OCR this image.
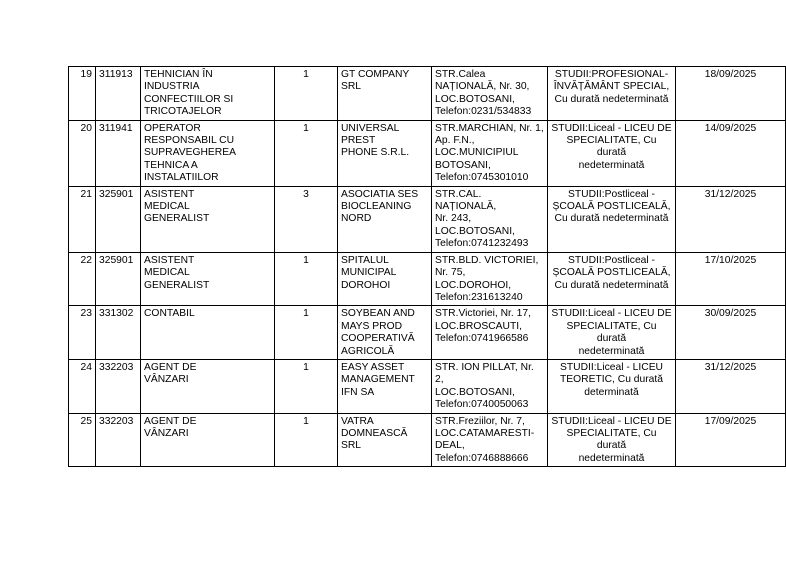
19	311913	TEHNICIAN ÎN
INDUSTRIA
CONFECTIILOR SI
TRICOTAJELOR	1	GT COMPANY SRL	STR.Calea
NAȚIONALĂ, Nr. 30,
LOC.BOTOSANI,
Telefon:0231/534833	STUDII:PROFESIONAL-
ÎNVĂȚĂMÂNT SPECIAL,
Cu durată nedeterminată	18/09/2025
20	311941	OPERATOR
RESPONSABIL CU
SUPRAVEGHEREA
TEHNICA A
INSTALATIILOR	1	UNIVERSAL PREST
PHONE S.R.L.	STR.MARCHIAN, Nr. 1,
Ap. F.N.,
LOC.MUNICIPIUL
BOTOSANI,
Telefon:0745301010	STUDII:Liceal - LICEU DE
SPECIALITATE, Cu durată
nedeterminată	14/09/2025
21	325901	ASISTENT
MEDICAL
GENERALIST	3	ASOCIATIA SES
BIOCLEANING
NORD	STR.CAL. NAȚIONALĂ,
Nr. 243,
LOC.BOTOSANI,
Telefon:0741232493	STUDII:Postliceal -
ȘCOALĂ POSTLICEALĂ,
Cu durată nedeterminată	31/12/2025
22	325901	ASISTENT
MEDICAL
GENERALIST	1	SPITALUL
MUNICIPAL
DOROHOI	STR.BLD. VICTORIEI,
Nr. 75, LOC.DOROHOI,
Telefon:231613240	STUDII:Postliceal -
ȘCOALĂ POSTLICEALĂ,
Cu durată nedeterminată	17/10/2025
23	331302	CONTABIL	1	SOYBEAN AND
MAYS PROD
COOPERATIVĂ
AGRICOLĂ	STR.Victoriei, Nr. 17,
LOC.BROSCAUTI,
Telefon:0741966586	STUDII:Liceal - LICEU DE
SPECIALITATE, Cu durată
nedeterminată	30/09/2025
24	332203	AGENT DE
VÂNZARI	1	EASY ASSET
MANAGEMENT
IFN SA	STR. ION PILLAT, Nr. 2,
LOC.BOTOSANI,
Telefon:0740050063	STUDII:Liceal - LICEU
TEORETIC, Cu durată
determinată	31/12/2025
25	332203	AGENT DE
VÂNZARI	1	VATRA
DOMNEASCĂ SRL	STR.Freziilor, Nr. 7,
LOC.CATAMARESTI-
DEAL,
Telefon:0746888666	STUDII:Liceal - LICEU DE
SPECIALITATE, Cu durată
nedeterminată	17/09/2025
